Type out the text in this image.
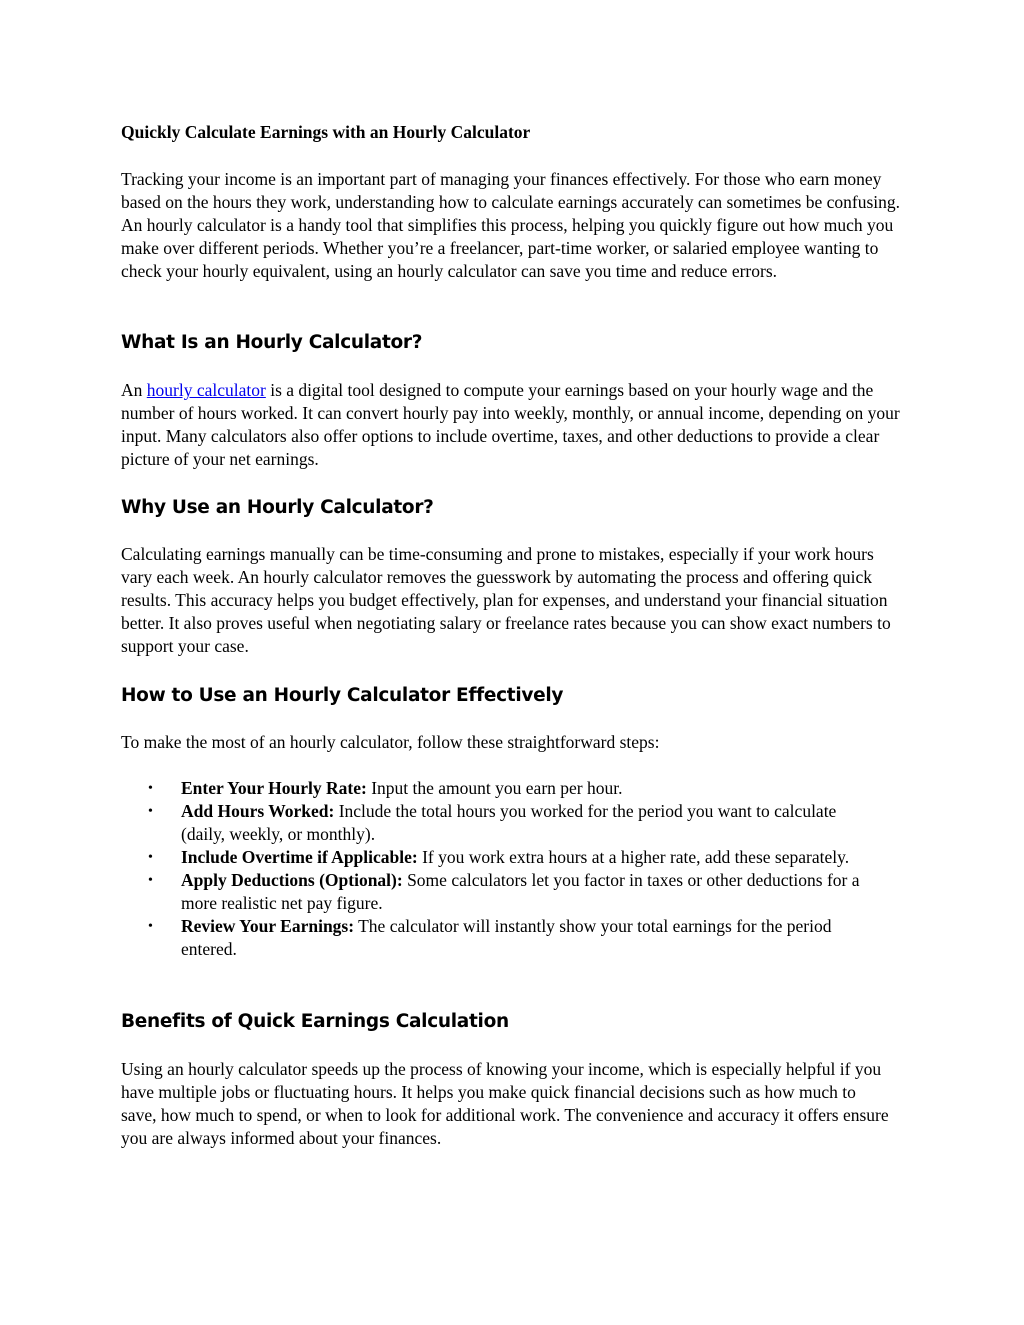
Quickly Calculate Earnings with an Hourly Calculator

Tracking your income is an important part of managing your finances effectively. For those who earn money based on the hours they work, understanding how to calculate earnings accurately can sometimes be confusing. An hourly calculator is a handy tool that simplifies this process, helping you quickly figure out how much you make over different periods. Whether you’re a freelancer, part-time worker, or salaried employee wanting to check your hourly equivalent, using an hourly calculator can save you time and reduce errors.

What Is an Hourly Calculator?

An hourly calculator is a digital tool designed to compute your earnings based on your hourly wage and the number of hours worked. It can convert hourly pay into weekly, monthly, or annual income, depending on your input. Many calculators also offer options to include overtime, taxes, and other deductions to provide a clear picture of your net earnings.

Why Use an Hourly Calculator?

Calculating earnings manually can be time-consuming and prone to mistakes, especially if your work hours vary each week. An hourly calculator removes the guesswork by automating the process and offering quick results. This accuracy helps you budget effectively, plan for expenses, and understand your financial situation better. It also proves useful when negotiating salary or freelance rates because you can show exact numbers to support your case.

How to Use an Hourly Calculator Effectively

To make the most of an hourly calculator, follow these straightforward steps:

• Enter Your Hourly Rate: Input the amount you earn per hour.
• Add Hours Worked: Include the total hours you worked for the period you want to calculate (daily, weekly, or monthly).
• Include Overtime if Applicable: If you work extra hours at a higher rate, add these separately.
• Apply Deductions (Optional): Some calculators let you factor in taxes or other deductions for a more realistic net pay figure.
• Review Your Earnings: The calculator will instantly show your total earnings for the period entered.
Benefits of Quick Earnings Calculation

Using an hourly calculator speeds up the process of knowing your income, which is especially helpful if you have multiple jobs or fluctuating hours. It helps you make quick financial decisions such as how much to save, how much to spend, or when to look for additional work. The convenience and accuracy it offers ensure you are always informed about your finances.
